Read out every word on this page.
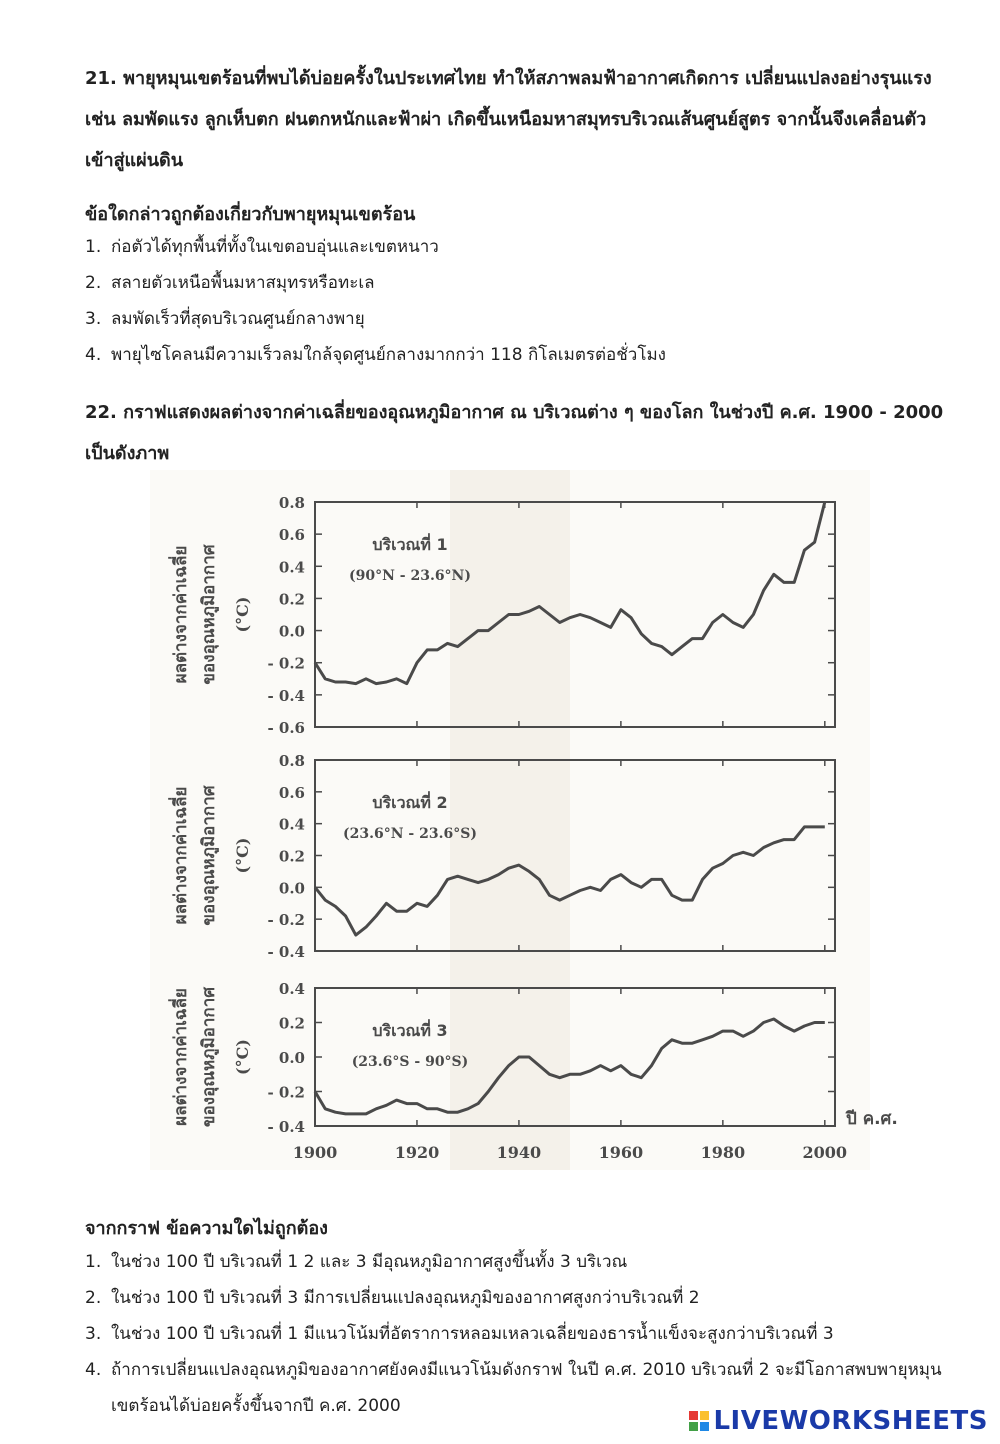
21. พายุหมุนเขตร้อนที่พบได้บ่อยครั้งในประเทศไทย ทำให้สภาพลมฟ้าอากาศเกิดการ เปลี่ยนแปลงอย่างรุนแรง เช่น ลมพัดแรง ลูกเห็บตก ฝนตกหนักและฟ้าผ่า เกิดขึ้นเหนือมหาสมุทรบริเวณเส้นศูนย์สูตร จากนั้นจึงเคลื่อนตัวเข้าสู่แผ่นดิน
ข้อใดกล่าวถูกต้องเกี่ยวกับพายุหมุนเขตร้อน
1. ก่อตัวได้ทุกพื้นที่ทั้งในเขตอบอุ่นและเขตหนาว
2. สลายตัวเหนือพื้นมหาสมุทรหรือทะเล
3. ลมพัดเร็วที่สุดบริเวณศูนย์กลางพายุ
4. พายุไซโคลนมีความเร็วลมใกล้จุดศูนย์กลางมากกว่า 118 กิโลเมตรต่อชั่วโมง
22. กราฟแสดงผลต่างจากค่าเฉลี่ยของอุณหภูมิอากาศ ณ บริเวณต่าง ๆ ของโลก ในช่วงปี ค.ศ. 1900 - 2000 เป็นดังภาพ
0.8
0.6
0.4
0.2
0.0
- 0.2
- 0.4
- 0.6
บริเวณที่ 1
(90°N - 23.6°N)
ผลต่างจากค่าเฉลี่ย ของอุณหภูมิอากาศ (°C)
0.8
0.6
0.4
0.2
0.0
- 0.2
- 0.4
บริเวณที่ 2
(23.6°N - 23.6°S)
ผลต่างจากค่าเฉลี่ย ของอุณหภูมิอากาศ (°C)
0.4
0.2
0.0
- 0.2
- 0.4
บริเวณที่ 3
(23.6°S - 90°S)
ผลต่างจากค่าเฉลี่ย ของอุณหภูมิอากาศ (°C)
1900	1920	1940	1960	1980	2000
ปี ค.ศ.
จากกราฟ ข้อความใดไม่ถูกต้อง
1. ในช่วง 100 ปี บริเวณที่ 1 2 และ 3 มีอุณหภูมิอากาศสูงขึ้นทั้ง 3 บริเวณ
2. ในช่วง 100 ปี บริเวณที่ 3 มีการเปลี่ยนแปลงอุณหภูมิของอากาศสูงกว่าบริเวณที่ 2
3. ในช่วง 100 ปี บริเวณที่ 1 มีแนวโน้มที่อัตราการหลอมเหลวเฉลี่ยของธารน้ำแข็งจะสูงกว่าบริเวณที่ 3
4. ถ้าการเปลี่ยนแปลงอุณหภูมิของอากาศยังคงมีแนวโน้มดังกราฟ ในปี ค.ศ. 2010 บริเวณที่ 2 จะมีโอกาสพบพายุหมุนเขตร้อนได้บ่อยครั้งขึ้นจากปี ค.ศ. 2000	LIVEWORKSHEETS
